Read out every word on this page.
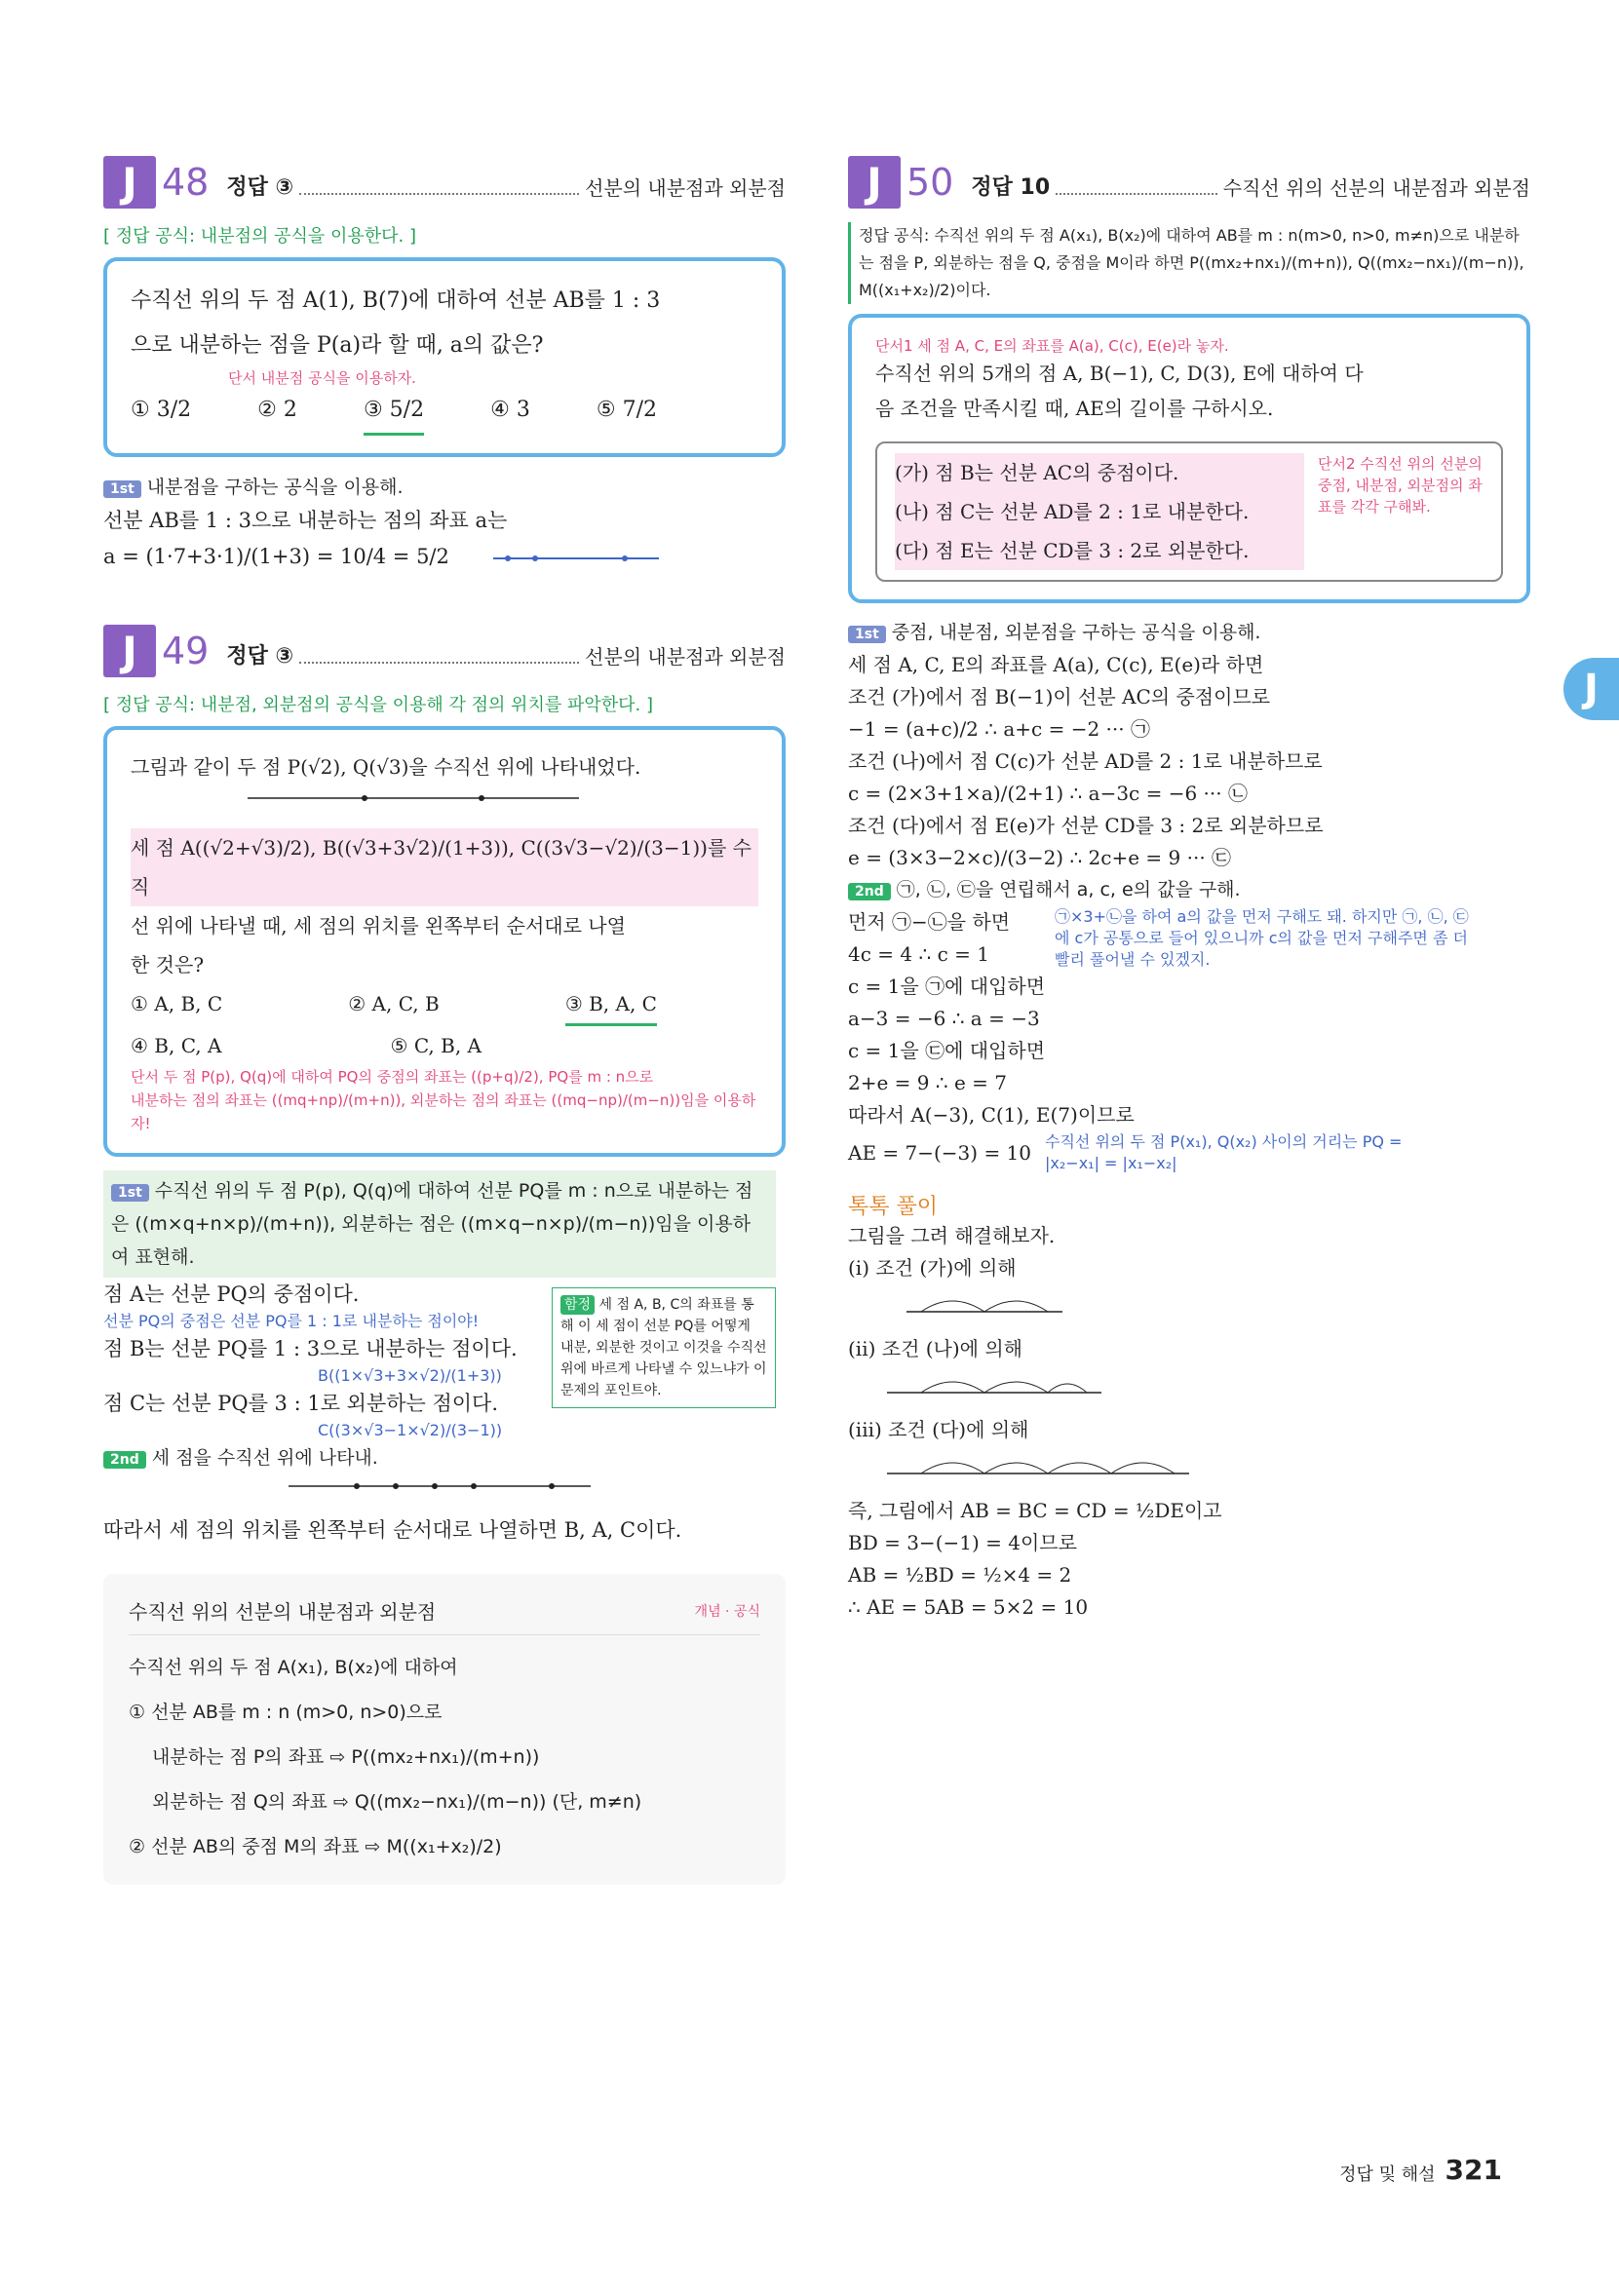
J 48 정답 ③	선분의 내분점과 외분점
[ 정답 공식: 내분점의 공식을 이용한다. ]
수직선 위의 두 점 A(1), B(7)에 대하여 선분 AB를 1 : 3
으로 내분하는 점을 P(a)라 할 때, a의 값은?
단서 내분점 공식을 이용하자.
① 3/2	② 2	③ 5/2	④ 3	⑤ 7/2
1st 내분점을 구하는 공식을 이용해.
선분 AB를 1 : 3으로 내분하는 점의 좌표 a는
a = (1·7+3·1)/(1+3) = 10/4 = 5/2
J 49 정답 ③	선분의 내분점과 외분점
[ 정답 공식: 내분점, 외분점의 공식을 이용해 각 점의 위치를 파악한다. ]
그림과 같이 두 점 P(√2), Q(√3)을 수직선 위에 나타내었다.
세 점 A((√2+√3)/2), B((√3+3√2)/(1+3)), C((3√3−√2)/(3−1))를 수직
선 위에 나타낼 때, 세 점의 위치를 왼쪽부터 순서대로 나열
한 것은?
① A, B, C	② A, C, B	③ B, A, C
④ B, C, A	⑤ C, B, A
단서 두 점 P(p), Q(q)에 대하여 PQ의 중점의 좌표는 ((p+q)/2), PQ를 m : n으로
내분하는 점의 좌표는 ((mq+np)/(m+n)), 외분하는 점의 좌표는 ((mq−np)/(m−n))임을 이용하자!
1st 수직선 위의 두 점 P(p), Q(q)에 대하여 선분 PQ를 m : n으로 내분하는 점은 ((m×q+n×p)/(m+n)), 외분하는 점은 ((m×q−n×p)/(m−n))임을 이용하여 표현해.
점 A는 선분 PQ의 중점이다.
선분 PQ의 중점은 선분 PQ를 1 : 1로 내분하는 점이야!
점 B는 선분 PQ를 1 : 3으로 내분하는 점이다.
B((1×√3+3×√2)/(1+3))
점 C는 선분 PQ를 3 : 1로 외분하는 점이다.
C((3×√3−1×√2)/(3−1))
함정 세 점 A, B, C의 좌표를 통해 이 세 점이 선분 PQ를 어떻게 내분, 외분한 것이고 이것을 수직선 위에 바르게 나타낼 수 있느냐가 이 문제의 포인트야.
2nd 세 점을 수직선 위에 나타내.
따라서 세 점의 위치를 왼쪽부터 순서대로 나열하면 B, A, C이다.
수직선 위의 선분의 내분점과 외분점	개념 · 공식
수직선 위의 두 점 A(x₁), B(x₂)에 대하여
① 선분 AB를 m : n (m>0, n>0)으로
내분하는 점 P의 좌표 ⇨ P((mx₂+nx₁)/(m+n))
외분하는 점 Q의 좌표 ⇨ Q((mx₂−nx₁)/(m−n)) (단, m≠n)
② 선분 AB의 중점 M의 좌표 ⇨ M((x₁+x₂)/2)
J 50 정답 10	수직선 위의 선분의 내분점과 외분점
정답 공식: 수직선 위의 두 점 A(x₁), B(x₂)에 대하여 AB를 m : n(m>0, n>0, m≠n)으로 내분하는 점을 P, 외분하는 점을 Q, 중점을 M이라 하면 P((mx₂+nx₁)/(m+n)), Q((mx₂−nx₁)/(m−n)), M((x₁+x₂)/2)이다.
단서1 세 점 A, C, E의 좌표를 A(a), C(c), E(e)라 놓자.
수직선 위의 5개의 점 A, B(−1), C, D(3), E에 대하여 다
음 조건을 만족시킬 때, AE의 길이를 구하시오.
(가) 점 B는 선분 AC의 중점이다.
(나) 점 C는 선분 AD를 2 : 1로 내분한다.
(다) 점 E는 선분 CD를 3 : 2로 외분한다.
단서2 수직선 위의 선분의 중점, 내분점, 외분점의 좌표를 각각 구해봐.
1st 중점, 내분점, 외분점을 구하는 공식을 이용해.
세 점 A, C, E의 좌표를 A(a), C(c), E(e)라 하면
조건 (가)에서 점 B(−1)이 선분 AC의 중점이므로
−1 = (a+c)/2 ∴ a+c = −2 ··· ㉠
조건 (나)에서 점 C(c)가 선분 AD를 2 : 1로 내분하므로
c = (2×3+1×a)/(2+1) ∴ a−3c = −6 ··· ㉡
조건 (다)에서 점 E(e)가 선분 CD를 3 : 2로 외분하므로
e = (3×3−2×c)/(3−2) ∴ 2c+e = 9 ··· ㉢
2nd ㉠, ㉡, ㉢을 연립해서 a, c, e의 값을 구해.
먼저 ㉠−㉡을 하면
4c = 4 ∴ c = 1
㉠×3+㉡을 하여 a의 값을 먼저 구해도 돼. 하지만 ㉠, ㉡, ㉢에 c가 공통으로 들어 있으니까 c의 값을 먼저 구해주면 좀 더 빨리 풀어낼 수 있겠지.
c = 1을 ㉠에 대입하면
a−3 = −6 ∴ a = −3
c = 1을 ㉢에 대입하면
2+e = 9 ∴ e = 7
따라서 A(−3), C(1), E(7)이므로
AE = 7−(−3) = 10 수직선 위의 두 점 P(x₁), Q(x₂) 사이의 거리는 PQ = |x₂−x₁| = |x₁−x₂|
톡톡 풀이
그림을 그려 해결해보자.
(i) 조건 (가)에 의해
(ii) 조건 (나)에 의해
(iii) 조건 (다)에 의해
즉, 그림에서 AB = BC = CD = ½DE이고
BD = 3−(−1) = 4이므로
AB = ½BD = ½×4 = 2
∴ AE = 5AB = 5×2 = 10
J
정답 및 해설 321
